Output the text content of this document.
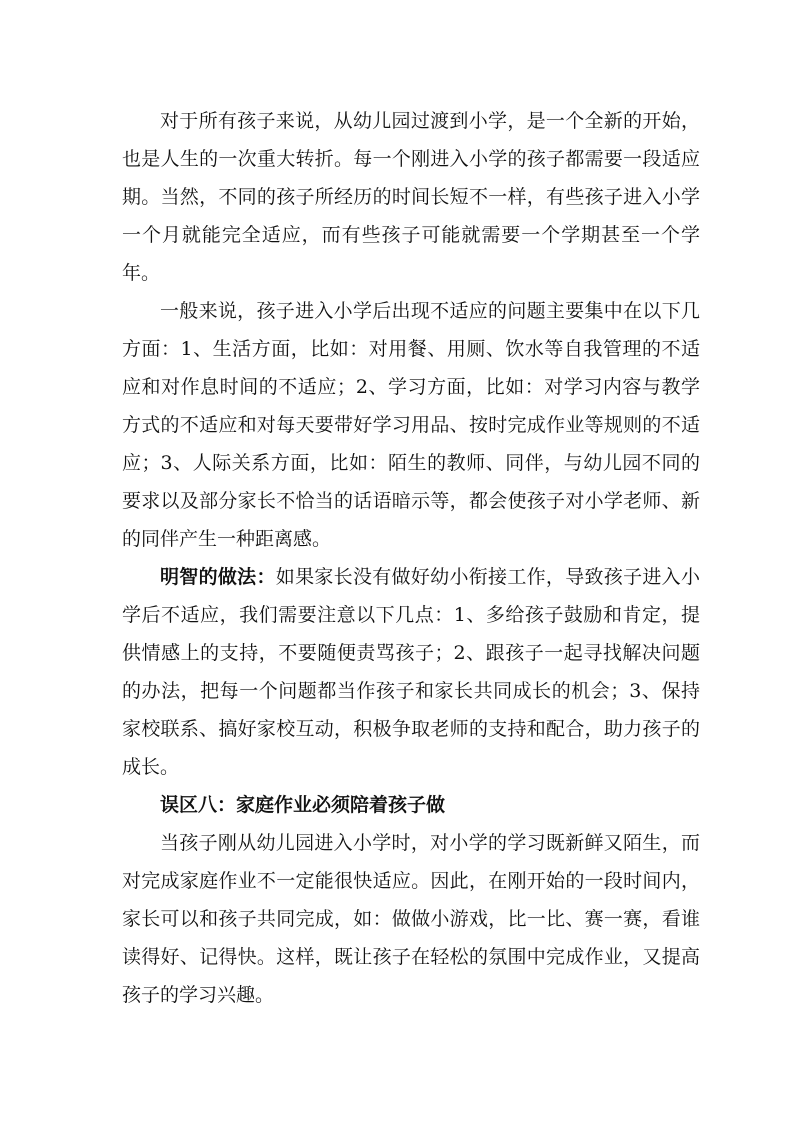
对于所有孩子来说，从幼儿园过渡到小学，是一个全新的开始，也是人生的一次重大转折。每一个刚进入小学的孩子都需要一段适应期。当然，不同的孩子所经历的时间长短不一样，有些孩子进入小学一个月就能完全适应，而有些孩子可能就需要一个学期甚至一个学年。

一般来说，孩子进入小学后出现不适应的问题主要集中在以下几方面：1、生活方面，比如：对用餐、用厕、饮水等自我管理的不适应和对作息时间的不适应；2、学习方面，比如：对学习内容与教学方式的不适应和对每天要带好学习用品、按时完成作业等规则的不适应；3、人际关系方面，比如：陌生的教师、同伴，与幼儿园不同的要求以及部分家长不恰当的话语暗示等，都会使孩子对小学老师、新的同伴产生一种距离感。

明智的做法：如果家长没有做好幼小衔接工作，导致孩子进入小学后不适应，我们需要注意以下几点：1、多给孩子鼓励和肯定，提供情感上的支持，不要随便责骂孩子；2、跟孩子一起寻找解决问题的办法，把每一个问题都当作孩子和家长共同成长的机会；3、保持家校联系、搞好家校互动，积极争取老师的支持和配合，助力孩子的成长。

误区八：家庭作业必须陪着孩子做

当孩子刚从幼儿园进入小学时，对小学的学习既新鲜又陌生，而对完成家庭作业不一定能很快适应。因此，在刚开始的一段时间内，家长可以和孩子共同完成，如：做做小游戏，比一比、赛一赛，看谁读得好、记得快。这样，既让孩子在轻松的氛围中完成作业，又提高孩子的学习兴趣。
